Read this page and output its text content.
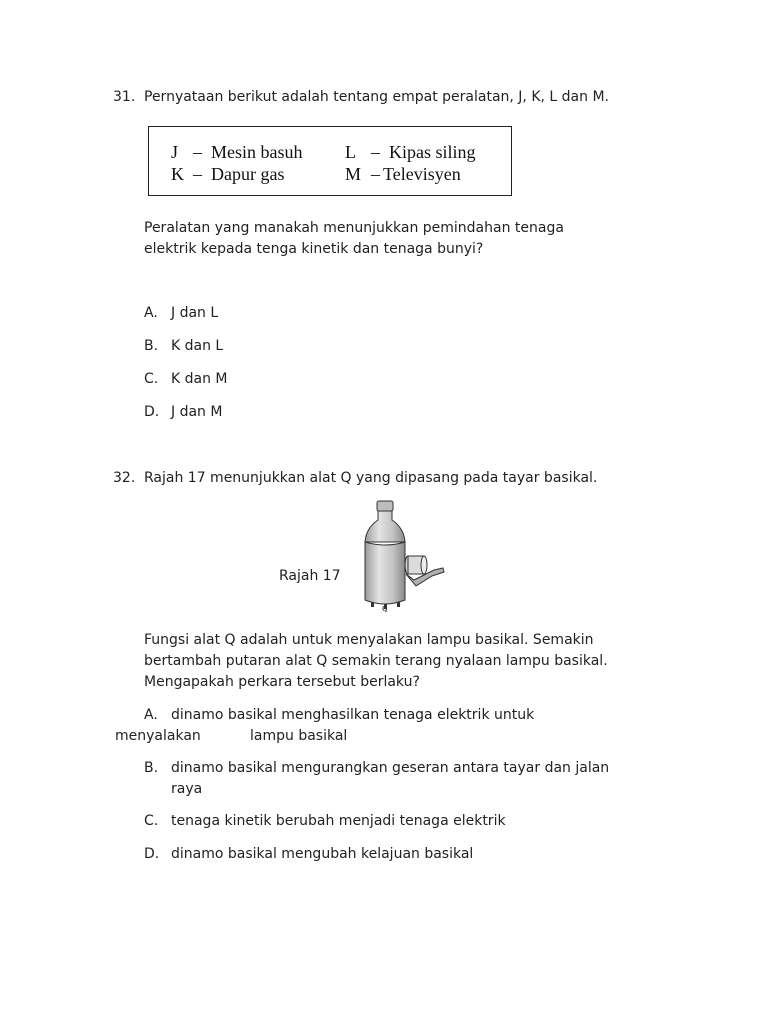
31. Pernyataan berikut adalah tentang empat peralatan, J, K, L dan M.
J – Mesin basuh
K – Dapur gas
L – Kipas siling
M – Televisyen
Peralatan yang manakah menunjukkan pemindahan tenaga
elektrik kepada tenga kinetik dan tenaga bunyi?
A. J dan L
B. K dan L
C. K dan M
D. J dan M
32. Rajah 17 menunjukkan alat Q yang dipasang pada tayar basikal.
Rajah 17
Q
Fungsi alat Q adalah untuk menyalakan lampu basikal. Semakin
bertambah putaran alat Q semakin terang nyalaan lampu basikal.
Mengapakah perkara tersebut berlaku?
A. dinamo basikal menghasilkan tenaga elektrik untuk
menyalakan	lampu basikal
B. dinamo basikal mengurangkan geseran antara tayar dan jalan
raya
C. tenaga kinetik berubah menjadi tenaga elektrik
D. dinamo basikal mengubah kelajuan basikal
